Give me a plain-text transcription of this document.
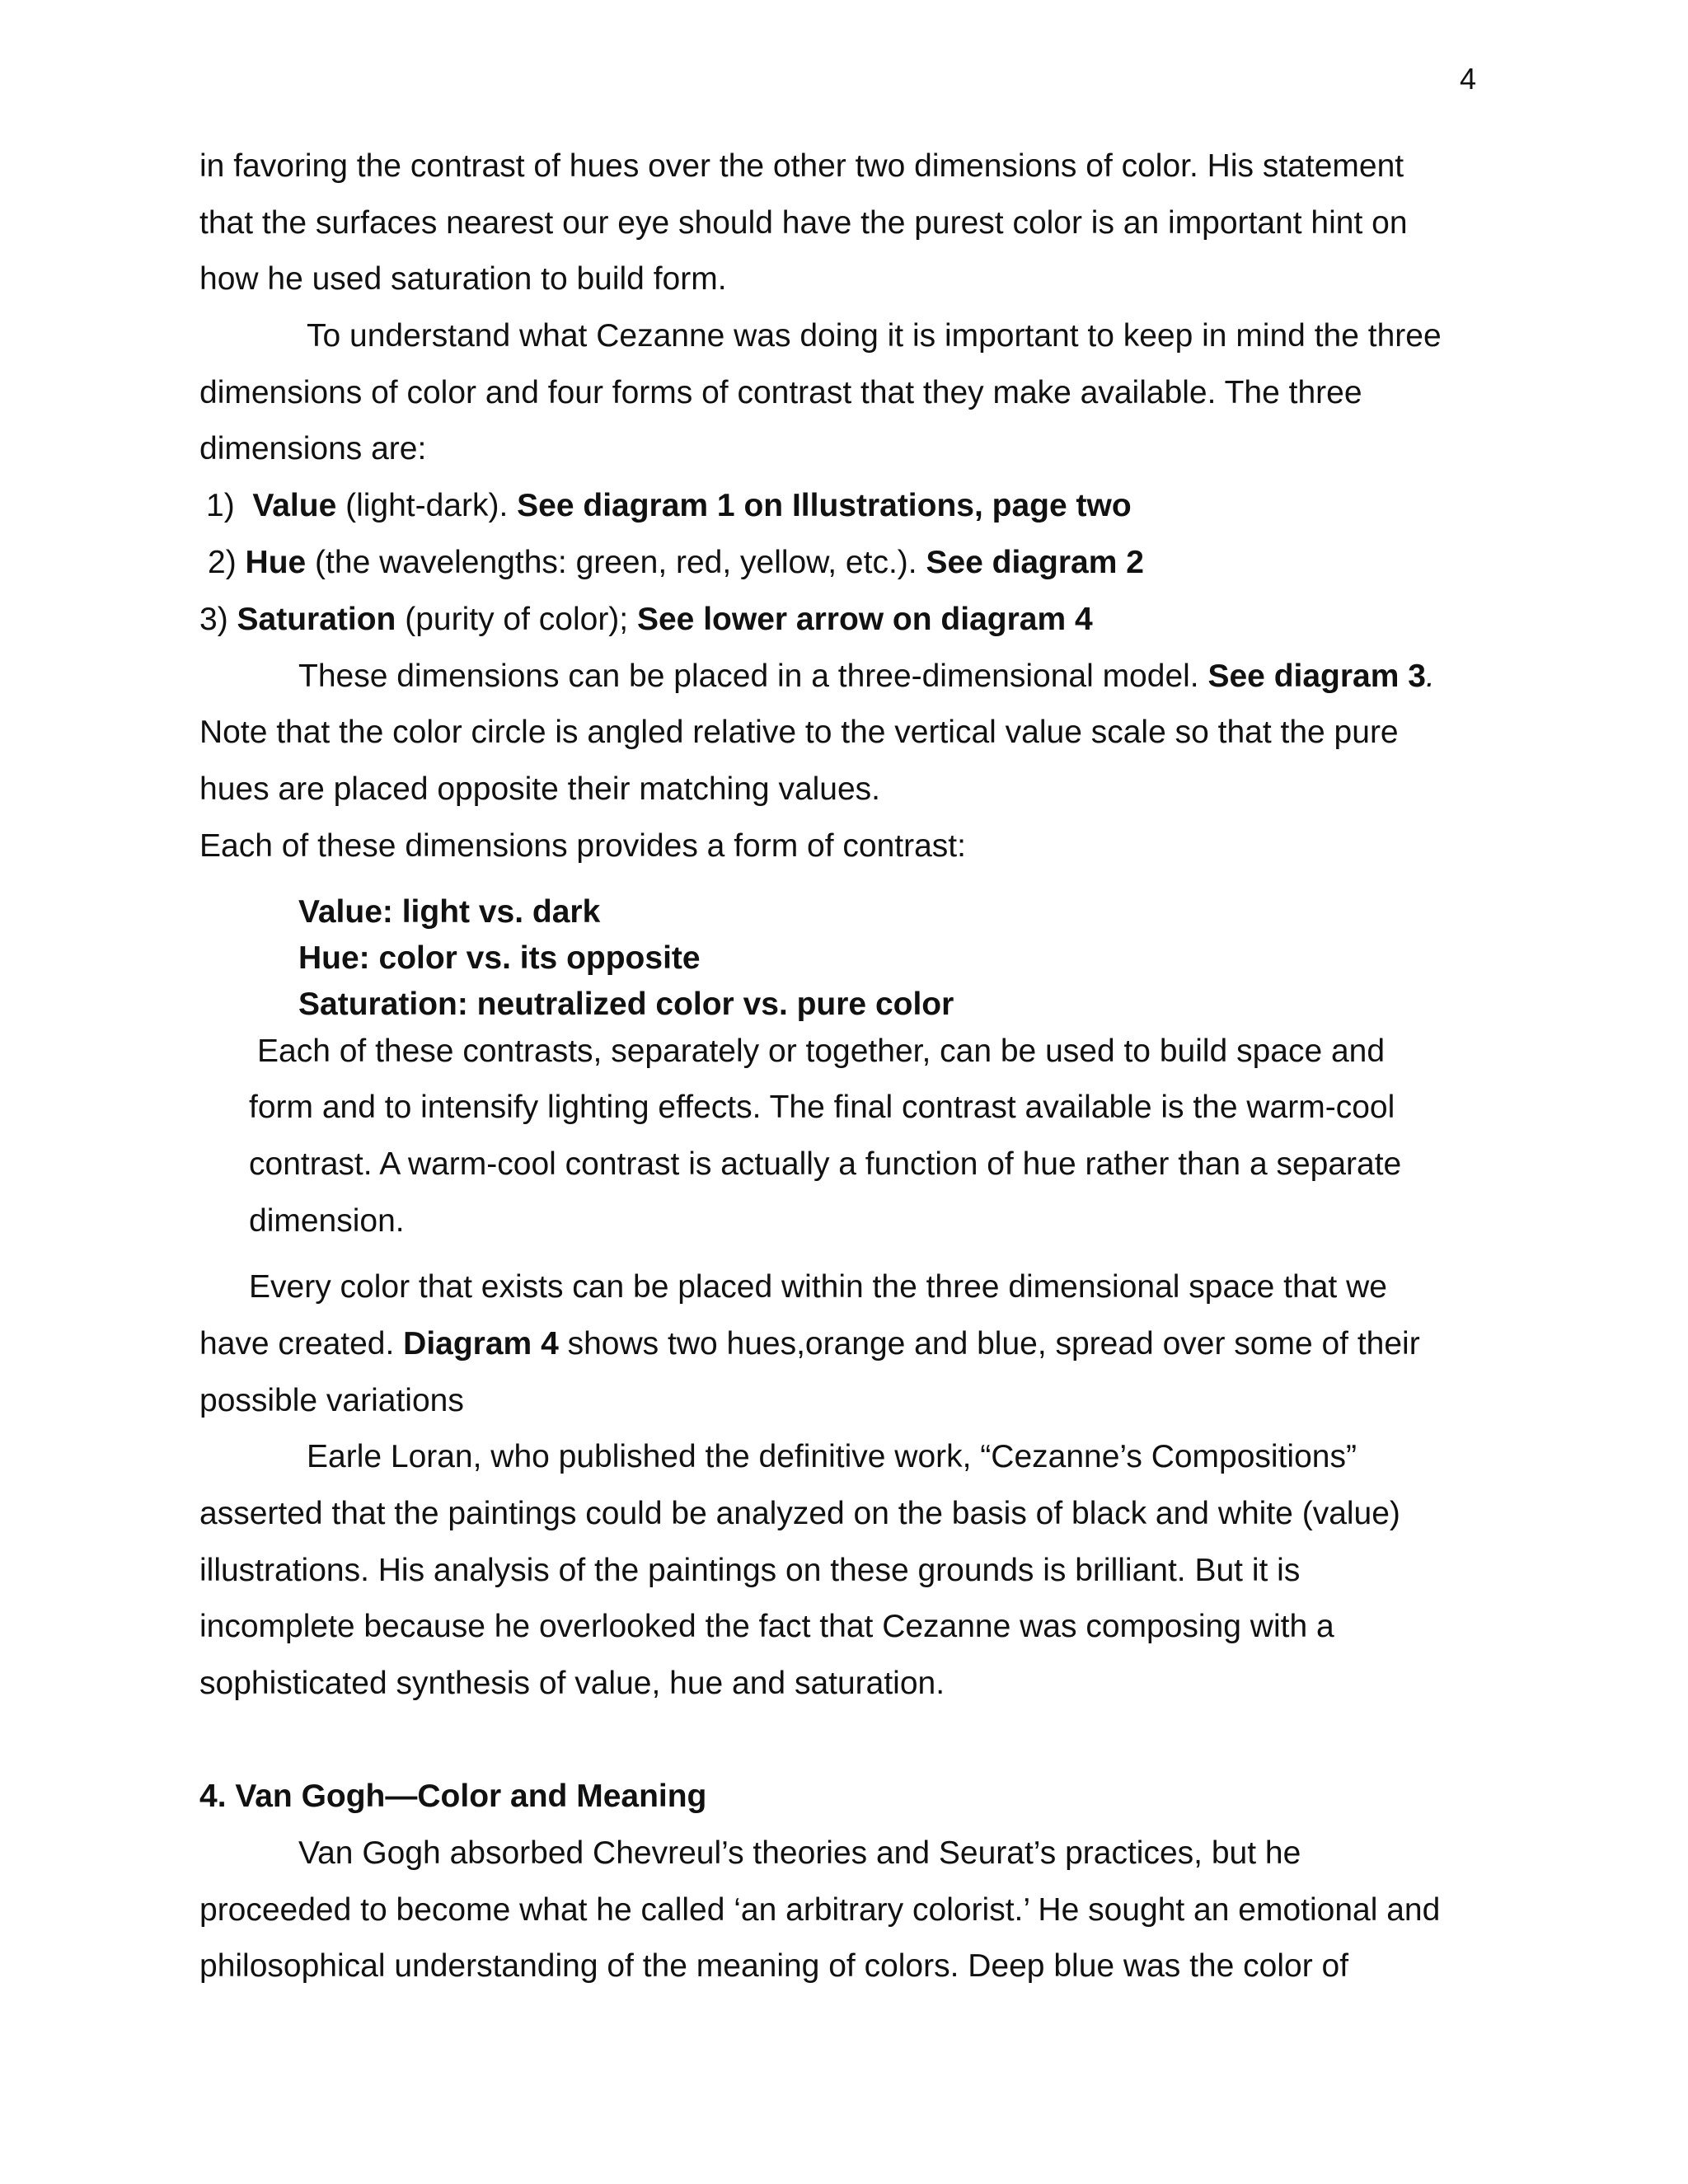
4
in favoring the contrast of hues over the other two dimensions of color. His statement
that the surfaces nearest our eye should have the purest color is an important hint on
how he used saturation to build form.
To understand what Cezanne was doing it is important to keep in mind the three
dimensions of color and four forms of contrast that they make available. The three
dimensions are:
1) Value (light-dark). See diagram 1 on Illustrations, page two
2) Hue (the wavelengths: green, red, yellow, etc.). See diagram 2
3) Saturation (purity of color); See lower arrow on diagram 4
These dimensions can be placed in a three-dimensional model. See diagram 3.
Note that the color circle is angled relative to the vertical value scale so that the pure
hues are placed opposite their matching values.
Each of these dimensions provides a form of contrast:
Value: light vs. dark
Hue: color vs. its opposite
Saturation: neutralized color vs. pure color
Each of these contrasts, separately or together, can be used to build space and
form and to intensify lighting effects. The final contrast available is the warm-cool
contrast. A warm-cool contrast is actually a function of hue rather than a separate
dimension.
Every color that exists can be placed within the three dimensional space that we
have created. Diagram 4 shows two hues,orange and blue, spread over some of their
possible variations
Earle Loran, who published the definitive work, “Cezanne’s Compositions”
asserted that the paintings could be analyzed on the basis of black and white (value)
illustrations. His analysis of the paintings on these grounds is brilliant. But it is
incomplete because he overlooked the fact that Cezanne was composing with a
sophisticated synthesis of value, hue and saturation.
4. Van Gogh—Color and Meaning
Van Gogh absorbed Chevreul’s theories and Seurat’s practices, but he
proceeded to become what he called ‘an arbitrary colorist.’ He sought an emotional and
philosophical understanding of the meaning of colors. Deep blue was the color of
